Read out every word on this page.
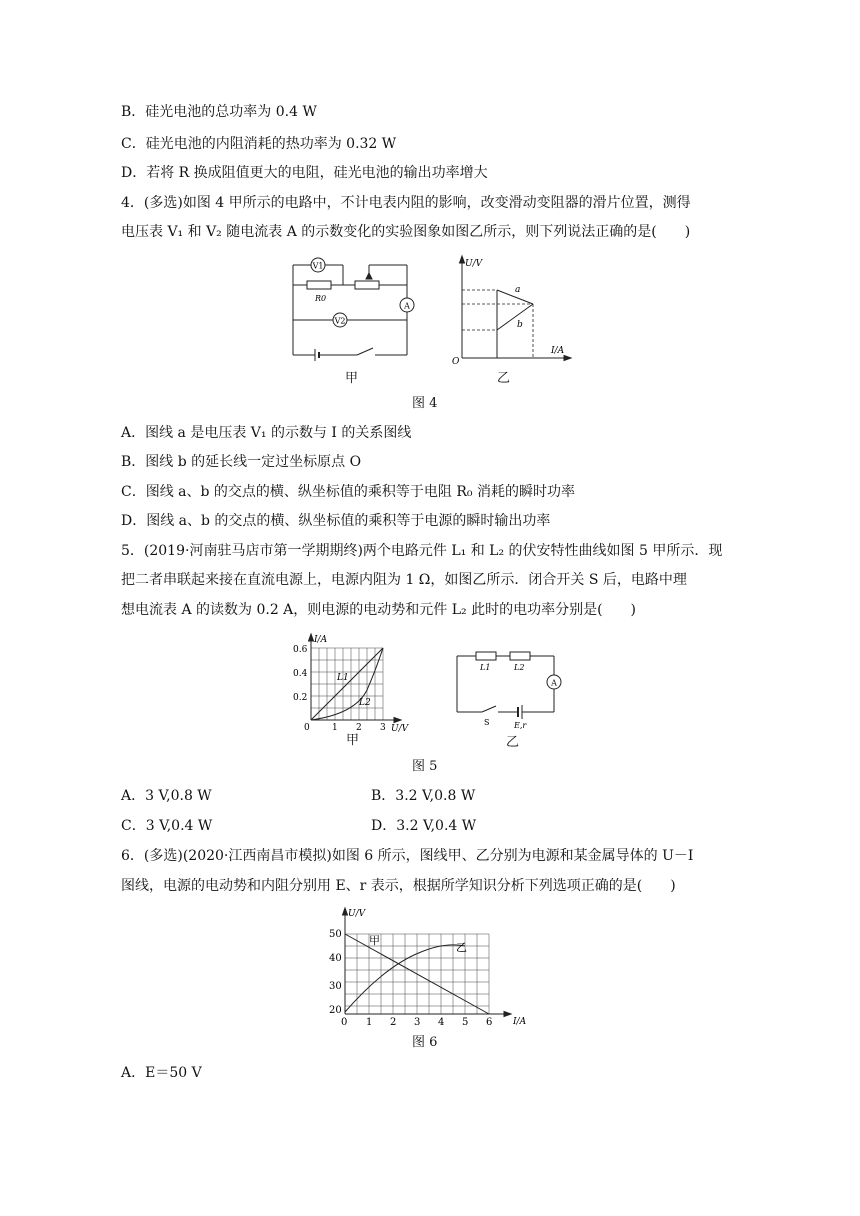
B．硅光电池的总功率为 0.4 W
C．硅光电池的内阻消耗的热功率为 0.32 W
D．若将 R 换成阻值更大的电阻，硅光电池的输出功率增大
4．(多选)如图 4 甲所示的电路中，不计电表内阻的影响，改变滑动变阻器的滑片位置，测得
电压表 V₁ 和 V₂ 随电流表 A 的示数变化的实验图象如图乙所示，则下列说法正确的是(　　)
V1
A
V2
R0
甲
U/V
I/A
O
a
b
乙
图 4
A．图线 a 是电压表 V₁ 的示数与 I 的关系图线
B．图线 b 的延长线一定过坐标原点 O
C．图线 a、b 的交点的横、纵坐标值的乘积等于电阻 R₀ 消耗的瞬时功率
D．图线 a、b 的交点的横、纵坐标值的乘积等于电源的瞬时输出功率
5．(2019·河南驻马店市第一学期期终)两个电路元件 L₁ 和 L₂ 的伏安特性曲线如图 5 甲所示．现
把二者串联起来接在直流电源上，电源内阻为 1 Ω，如图乙所示．闭合开关 S 后，电路中理
想电流表 A 的读数为 0.2 A，则电源的电动势和元件 L₂ 此时的电功率分别是(　　)
I/A
U/V
0.6
0.4
0.2
0 1 2 3
L1
L2
甲
L1	L2
A
S	E,r
乙
图 5
A．3 V,0.8 W	B．3.2 V,0.8 W
C．3 V,0.4 W	D．3.2 V,0.4 W
6．(多选)(2020·江西南昌市模拟)如图 6 所示，图线甲、乙分别为电源和某金属导体的 U－I
图线，电源的电动势和内阻分别用 E、r 表示，根据所学知识分析下列选项正确的是(　　)
U/V
I/A
50
40
30
20
0 1 2 3 4 5 6
甲
乙
图 6
A．E＝50 V
